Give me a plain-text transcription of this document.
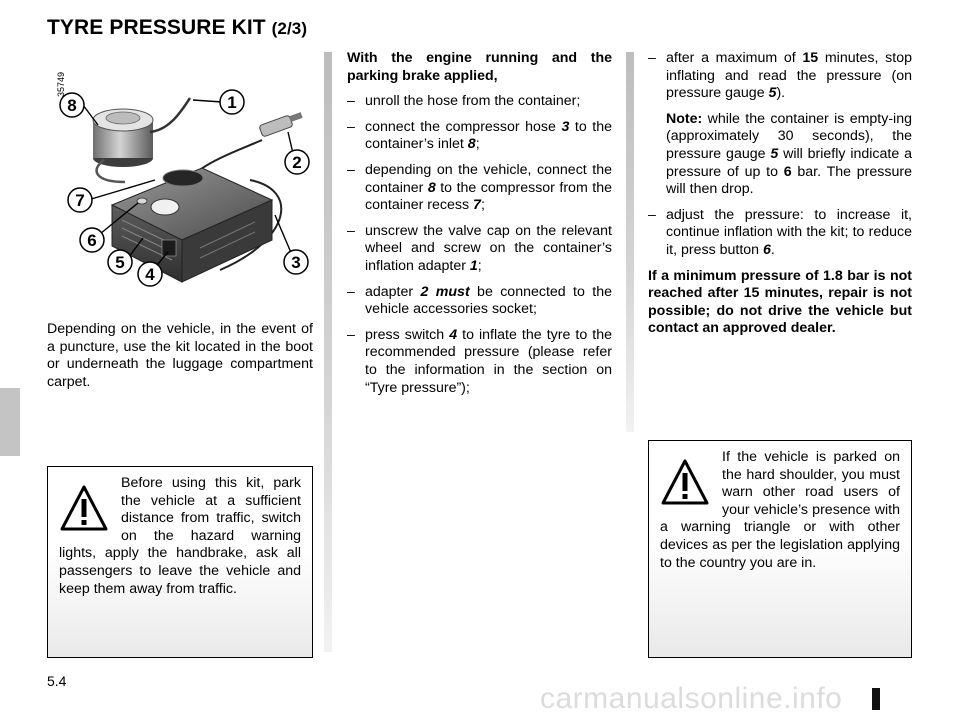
TYRE PRESSURE KIT (2/3)
35749
8	1
2
7
6
5
4
3
Depending on the vehicle, in the event of a puncture, use the kit located in the boot or underneath the luggage compartment carpet.

With the engine running and the parking brake applied,

– unroll the hose from the container;
– connect the compressor hose 3 to the container’s inlet 8;
– depending on the vehicle, connect the container 8 to the compressor from the container recess 7;
– unscrew the valve cap on the relevant wheel and screw on the container’s inflation adapter 1;
– adapter 2 must be connected to the vehicle accessories socket;
– press switch 4 to inflate the tyre to the recommended pressure (please refer to the information in the section on “Tyre pressure”);
– after a maximum of 15 minutes, stop inflating and read the pressure (on pressure gauge 5).

Note: while the container is empty-ing (approximately 30 seconds), the pressure gauge 5 will briefly indicate a pressure of up to 6 bar. The pressure will then drop.

– adjust the pressure: to increase it, continue inflation with the kit; to reduce it, press button 6.

If a minimum pressure of 1.8 bar is not reached after 15 minutes, repair is not possible; do not drive the vehicle but contact an approved dealer.

Before using this kit, park the vehicle at a sufficient distance from traffic, switch on the hazard warning lights, apply the handbrake, ask all passengers to leave the vehicle and keep them away from traffic.
If the vehicle is parked on the hard shoulder, you must warn other road users of your vehicle’s presence with a warning triangle or with other devices as per the legislation applying to the country you are in.
5.4
carmanualsonline.info
